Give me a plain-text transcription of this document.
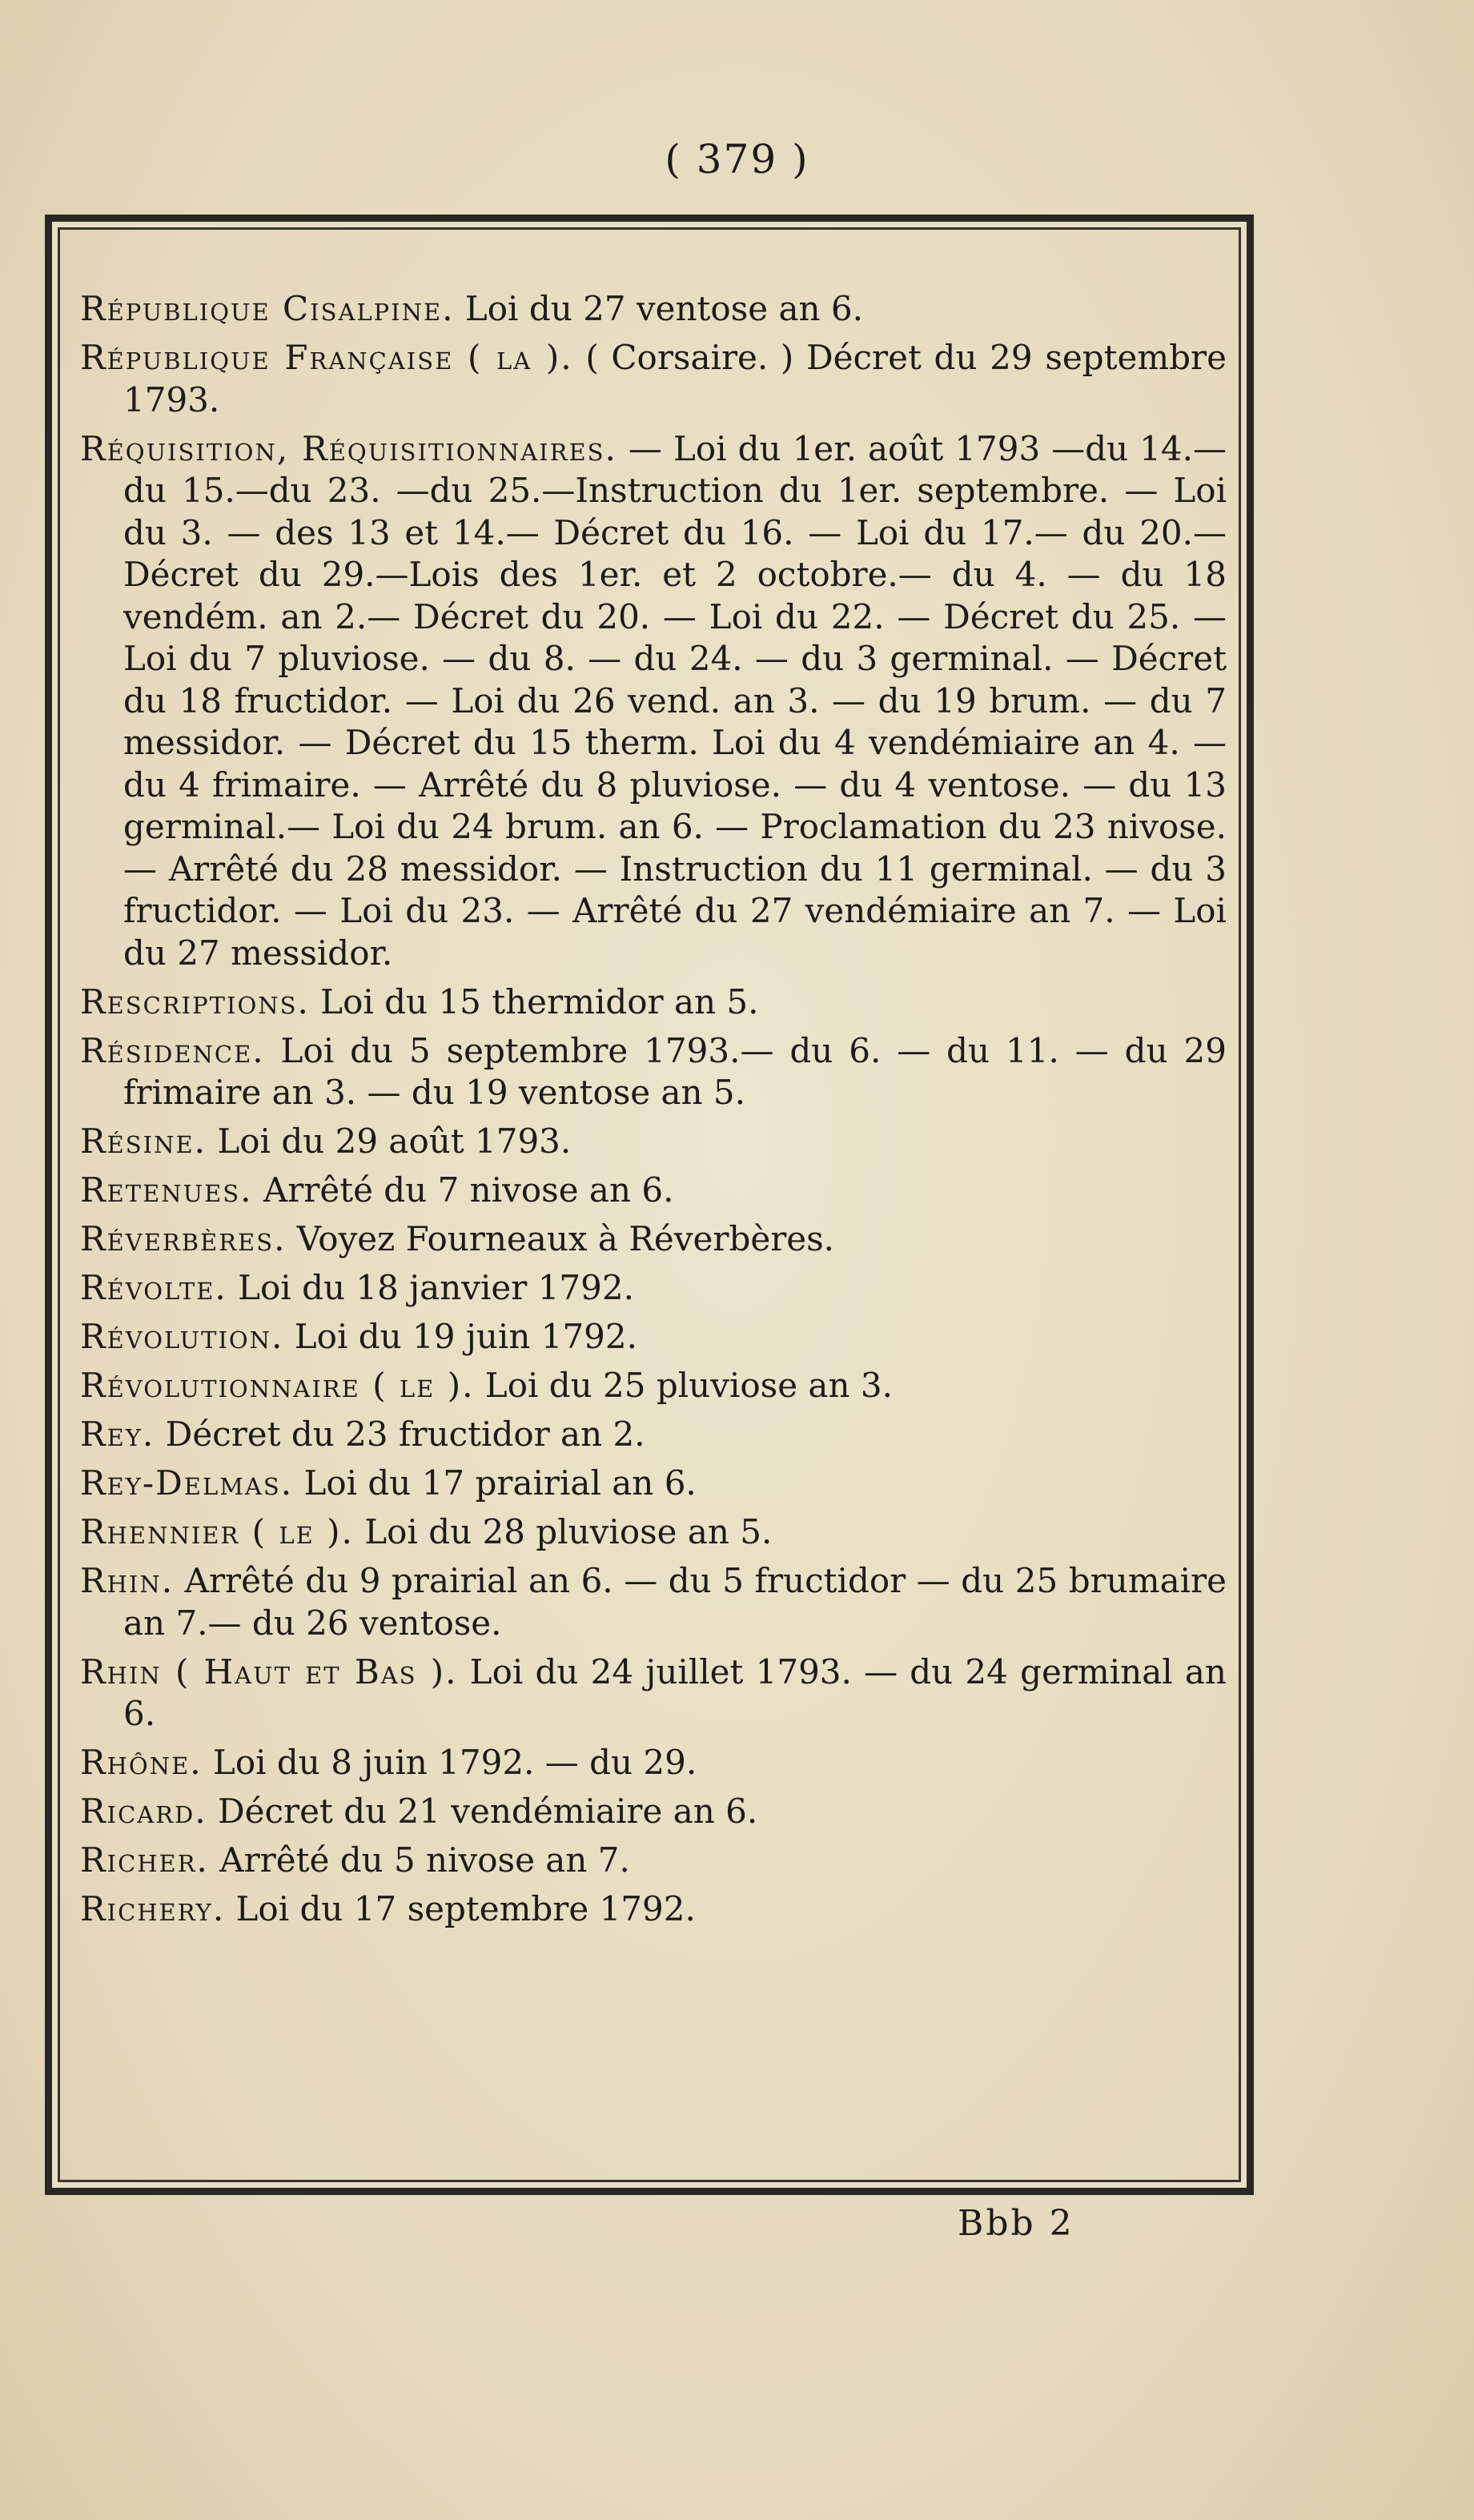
( 379 )

République Cisalpine. Loi du 27 ventose an 6.

République Française ( la ). ( Corsaire. ) Décret du 29 septembre 1793.

Réquisition, Réquisitionnaires. — Loi du 1er. août 1793 —du 14.— du 15.—du 23. —du 25.—Instruction du 1er. septembre. — Loi du 3. — des 13 et 14.— Décret du 16. — Loi du 17.— du 20.—Décret du 29.—Lois des 1er. et 2 octobre.— du 4. — du 18 vendém. an 2.— Décret du 20. — Loi du 22. — Décret du 25. — Loi du 7 pluviose. — du 8. — du 24. — du 3 germinal. — Décret du 18 fructidor. — Loi du 26 vend. an 3. — du 19 brum. — du 7 messidor. — Décret du 15 therm. Loi du 4 vendémiaire an 4. — du 4 frimaire. — Arrêté du 8 pluviose. — du 4 ventose. — du 13 germinal.— Loi du 24 brum. an 6. — Proclamation du 23 nivose. — Arrêté du 28 messidor. — Instruction du 11 germinal. — du 3 fructidor. — Loi du 23. — Arrêté du 27 vendémiaire an 7. — Loi du 27 messidor.

Rescriptions. Loi du 15 thermidor an 5.

Résidence. Loi du 5 septembre 1793.— du 6. — du 11. — du 29 frimaire an 3. — du 19 ventose an 5.

Résine. Loi du 29 août 1793.

Retenues. Arrêté du 7 nivose an 6.

Réverbères. Voyez Fourneaux à Réverbères.

Révolte. Loi du 18 janvier 1792.

Révolution. Loi du 19 juin 1792.

Révolutionnaire ( le ). Loi du 25 pluviose an 3.

Rey. Décret du 23 fructidor an 2.

Rey-Delmas. Loi du 17 prairial an 6.

Rhennier ( le ). Loi du 28 pluviose an 5.

Rhin. Arrêté du 9 prairial an 6. — du 5 fructidor — du 25 brumaire an 7.— du 26 ventose.

Rhin ( Haut et Bas ). Loi du 24 juillet 1793. — du 24 germinal an 6.

Rhône. Loi du 8 juin 1792. — du 29.

Ricard. Décret du 21 vendémiaire an 6.

Richer. Arrêté du 5 nivose an 7.

Richery. Loi du 17 septembre 1792.

Bbb 2
